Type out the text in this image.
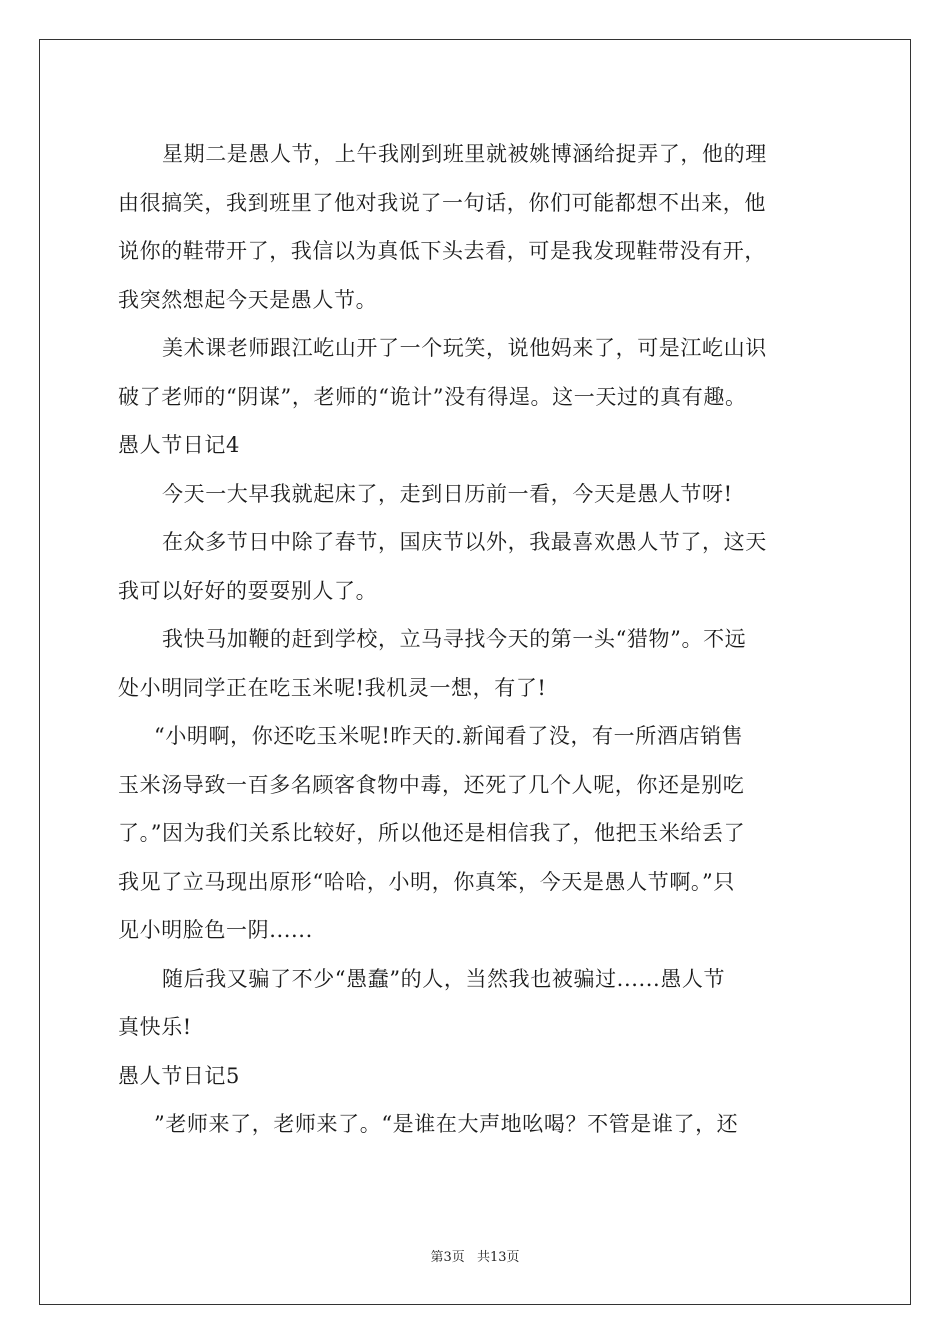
星期二是愚人节，上午我刚到班里就被姚博涵给捉弄了，他的理
由很搞笑，我到班里了他对我说了一句话，你们可能都想不出来，他
说你的鞋带开了，我信以为真低下头去看，可是我发现鞋带没有开，
我突然想起今天是愚人节。
美术课老师跟江屹山开了一个玩笑，说他妈来了，可是江屹山识
破了老师的“阴谋”，老师的“诡计”没有得逞。这一天过的真有趣。
愚人节日记4
今天一大早我就起床了，走到日历前一看，今天是愚人节呀!
在众多节日中除了春节，国庆节以外，我最喜欢愚人节了，这天
我可以好好的耍耍别人了。
我快马加鞭的赶到学校，立马寻找今天的第一头“猎物”。不远
处小明同学正在吃玉米呢!我机灵一想，有了!
“小明啊，你还吃玉米呢!昨天的.新闻看了没，有一所酒店销售
玉米汤导致一百多名顾客食物中毒，还死了几个人呢，你还是别吃
了。”因为我们关系比较好，所以他还是相信我了，他把玉米给丢了
我见了立马现出原形“哈哈，小明，你真笨，今天是愚人节啊。”只
见小明脸色一阴......
随后我又骗了不少“愚蠢”的人，当然我也被骗过......愚人节
真快乐!
愚人节日记5
”老师来了，老师来了。“是谁在大声地吆喝？不管是谁了，还
第3页 共13页
